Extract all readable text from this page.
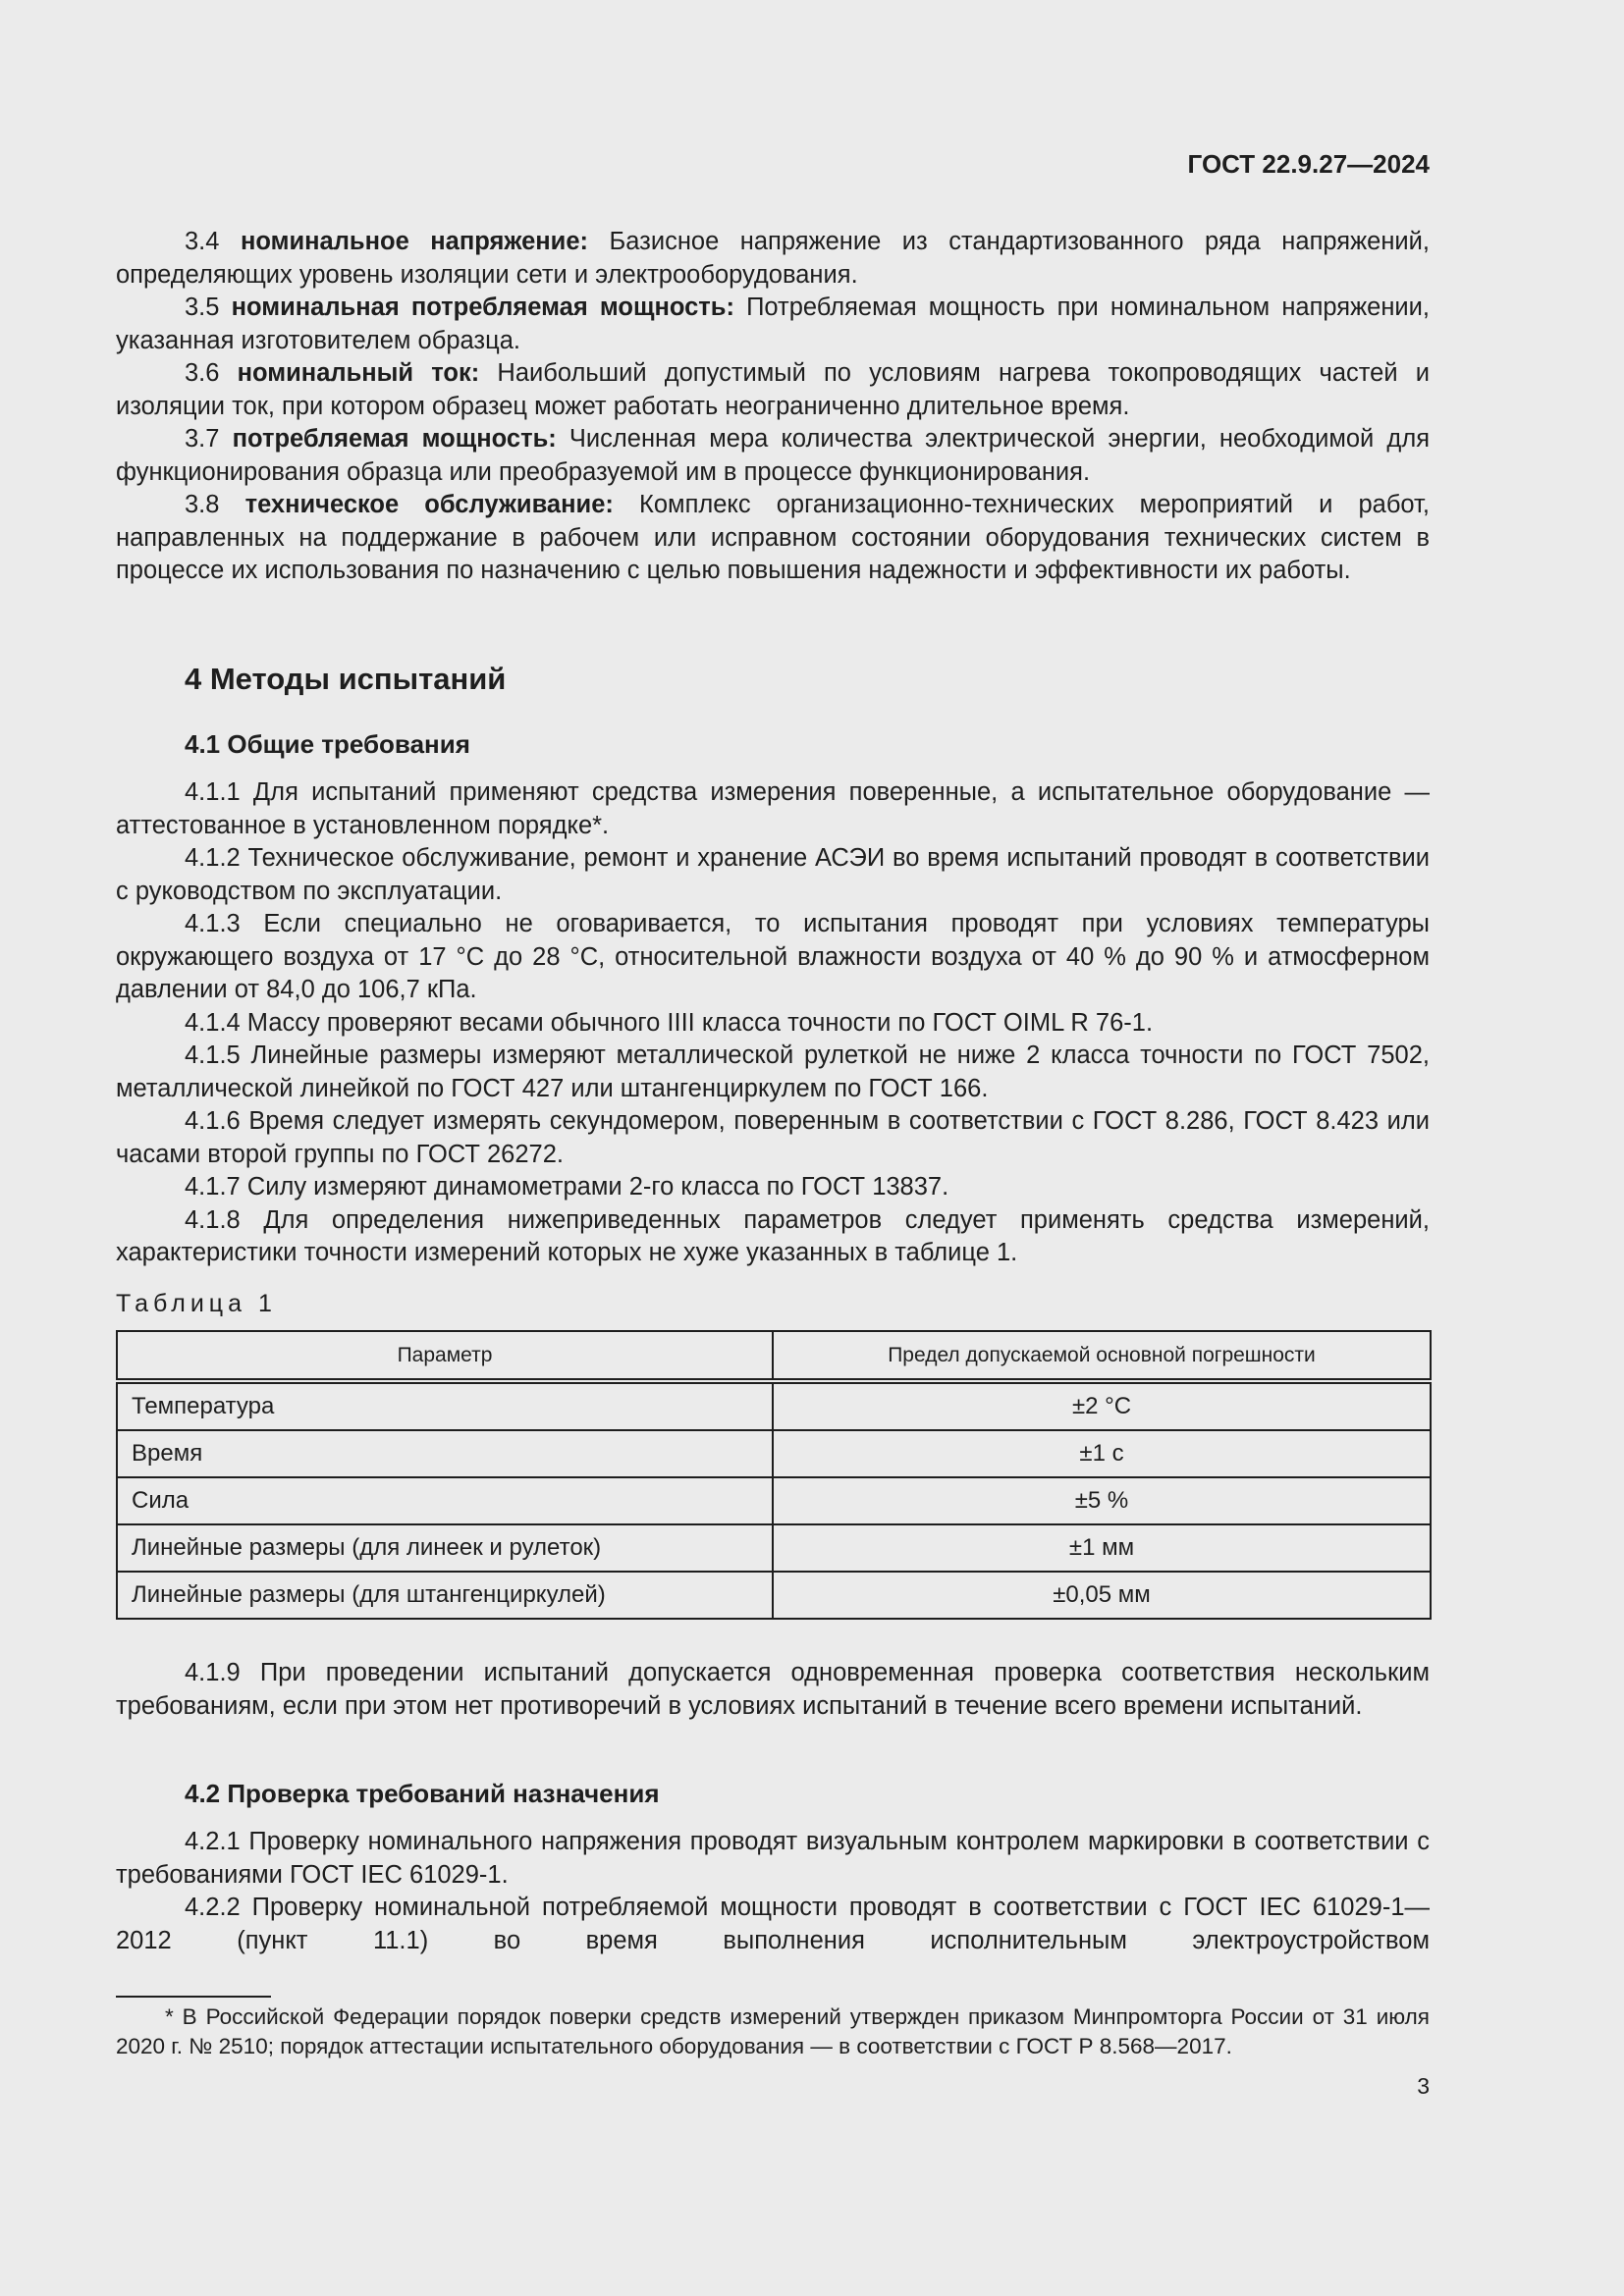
ГОСТ 22.9.27—2024

3.4 номинальное напряжение: Базисное напряжение из стандартизованного ряда напряжений, определяющих уровень изоляции сети и электрооборудования.

3.5 номинальная потребляемая мощность: Потребляемая мощность при номинальном напряжении, указанная изготовителем образца.

3.6 номинальный ток: Наибольший допустимый по условиям нагрева токопроводящих частей и изоляции ток, при котором образец может работать неограниченно длительное время.

3.7 потребляемая мощность: Численная мера количества электрической энергии, необходимой для функционирования образца или преобразуемой им в процессе функционирования.

3.8 техническое обслуживание: Комплекс организационно-технических мероприятий и работ, направленных на поддержание в рабочем или исправном состоянии оборудования технических систем в процессе их использования по назначению с целью повышения надежности и эффективности их работы.

4 Методы испытаний
4.1 Общие требования

4.1.1 Для испытаний применяют средства измерения поверенные, а испытательное оборудование — аттестованное в установленном порядке*.

4.1.2 Техническое обслуживание, ремонт и хранение АСЭИ во время испытаний проводят в соответствии с руководством по эксплуатации.

4.1.3 Если специально не оговаривается, то испытания проводят при условиях температуры окружающего воздуха от 17 °С до 28 °С, относительной влажности воздуха от 40 % до 90 % и атмосферном давлении от 84,0 до 106,7 кПа.

4.1.4 Массу проверяют весами обычного IIII класса точности по ГОСТ OIML R 76-1.

4.1.5 Линейные размеры измеряют металлической рулеткой не ниже 2 класса точности по ГОСТ 7502, металлической линейкой по ГОСТ 427 или штангенциркулем по ГОСТ 166.

4.1.6 Время следует измерять секундомером, поверенным в соответствии с ГОСТ 8.286, ГОСТ 8.423 или часами второй группы по ГОСТ 26272.

4.1.7 Силу измеряют динамометрами 2-го класса по ГОСТ 13837.

4.1.8 Для определения нижеприведенных параметров следует применять средства измерений, характеристики точности измерений которых не хуже указанных в таблице 1.

Таблица 1
Параметр	Предел допускаемой основной погрешности
Температура	±2 °С
Время	±1 с
Сила	±5 %
Линейные размеры (для линеек и рулеток)	±1 мм
Линейные размеры (для штангенциркулей)	±0,05 мм

4.1.9 При проведении испытаний допускается одновременная проверка соответствия нескольким требованиям, если при этом нет противоречий в условиях испытаний в течение всего времени испытаний.

4.2 Проверка требований назначения

4.2.1 Проверку номинального напряжения проводят визуальным контролем маркировки в соответствии с требованиями ГОСТ IEC 61029-1.

4.2.2 Проверку номинальной потребляемой мощности проводят в соответствии с ГОСТ IEC 61029-1—2012 (пункт 11.1) во время выполнения исполнительным электроустройством

* В Российской Федерации порядок поверки средств измерений утвержден приказом Минпромторга России от 31 июля 2020 г. № 2510; порядок аттестации испытательного оборудования — в соответствии с ГОСТ Р 8.568—2017.

3
